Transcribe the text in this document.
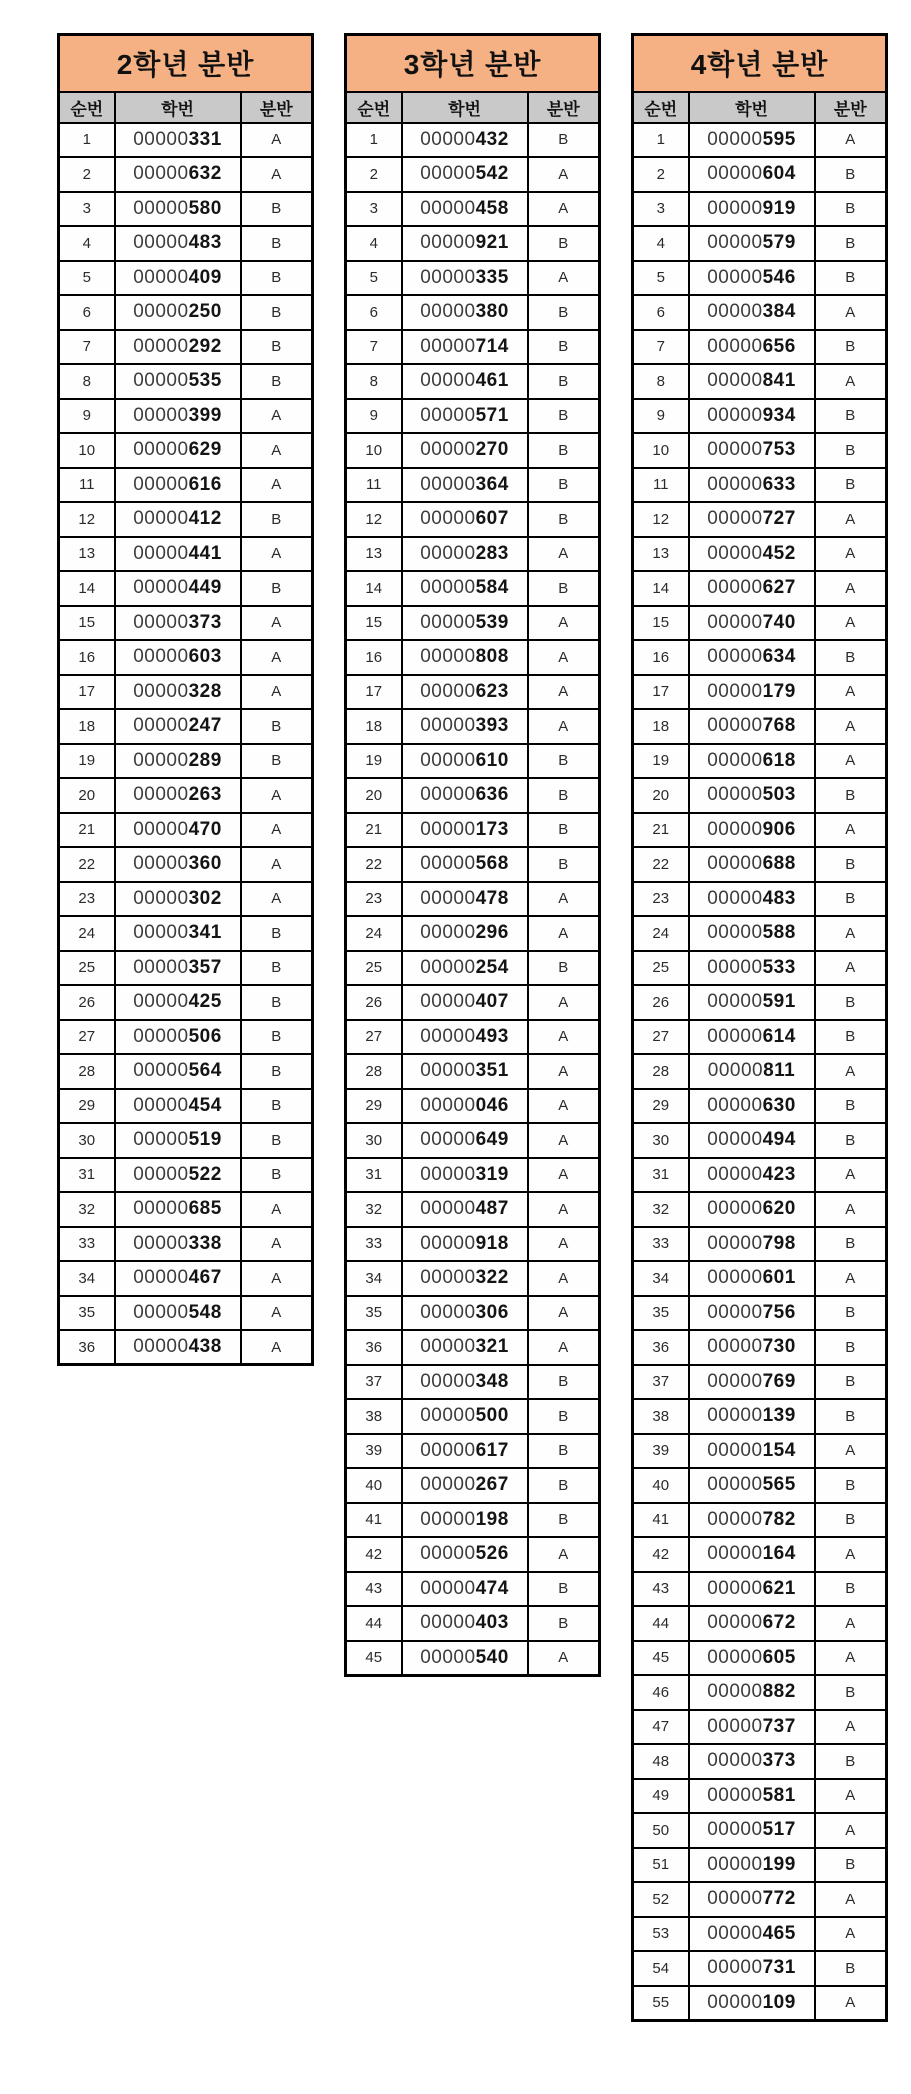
2학년 분반		
순번	학번	분반
1	00000331	A
2	00000632	A
3	00000580	B
4	00000483	B
5	00000409	B
6	00000250	B
7	00000292	B
8	00000535	B
9	00000399	A
10	00000629	A
11	00000616	A
12	00000412	B
13	00000441	A
14	00000449	B
15	00000373	A
16	00000603	A
17	00000328	A
18	00000247	B
19	00000289	B
20	00000263	A
21	00000470	A
22	00000360	A
23	00000302	A
24	00000341	B
25	00000357	B
26	00000425	B
27	00000506	B
28	00000564	B
29	00000454	B
30	00000519	B
31	00000522	B
32	00000685	A
33	00000338	A
34	00000467	A
35	00000548	A
36	00000438	A
3학년 분반		
순번	학번	분반
1	00000432	B
2	00000542	A
3	00000458	A
4	00000921	B
5	00000335	A
6	00000380	B
7	00000714	B
8	00000461	B
9	00000571	B
10	00000270	B
11	00000364	B
12	00000607	B
13	00000283	A
14	00000584	B
15	00000539	A
16	00000808	A
17	00000623	A
18	00000393	A
19	00000610	B
20	00000636	B
21	00000173	B
22	00000568	B
23	00000478	A
24	00000296	A
25	00000254	B
26	00000407	A
27	00000493	A
28	00000351	A
29	00000046	A
30	00000649	A
31	00000319	A
32	00000487	A
33	00000918	A
34	00000322	A
35	00000306	A
36	00000321	A
37	00000348	B
38	00000500	B
39	00000617	B
40	00000267	B
41	00000198	B
42	00000526	A
43	00000474	B
44	00000403	B
45	00000540	A
4학년 분반		
순번	학번	분반
1	00000595	A
2	00000604	B
3	00000919	B
4	00000579	B
5	00000546	B
6	00000384	A
7	00000656	B
8	00000841	A
9	00000934	B
10	00000753	B
11	00000633	B
12	00000727	A
13	00000452	A
14	00000627	A
15	00000740	A
16	00000634	B
17	00000179	A
18	00000768	A
19	00000618	A
20	00000503	B
21	00000906	A
22	00000688	B
23	00000483	B
24	00000588	A
25	00000533	A
26	00000591	B
27	00000614	B
28	00000811	A
29	00000630	B
30	00000494	B
31	00000423	A
32	00000620	A
33	00000798	B
34	00000601	A
35	00000756	B
36	00000730	B
37	00000769	B
38	00000139	B
39	00000154	A
40	00000565	B
41	00000782	B
42	00000164	A
43	00000621	B
44	00000672	A
45	00000605	A
46	00000882	B
47	00000737	A
48	00000373	B
49	00000581	A
50	00000517	A
51	00000199	B
52	00000772	A
53	00000465	A
54	00000731	B
55	00000109	A
